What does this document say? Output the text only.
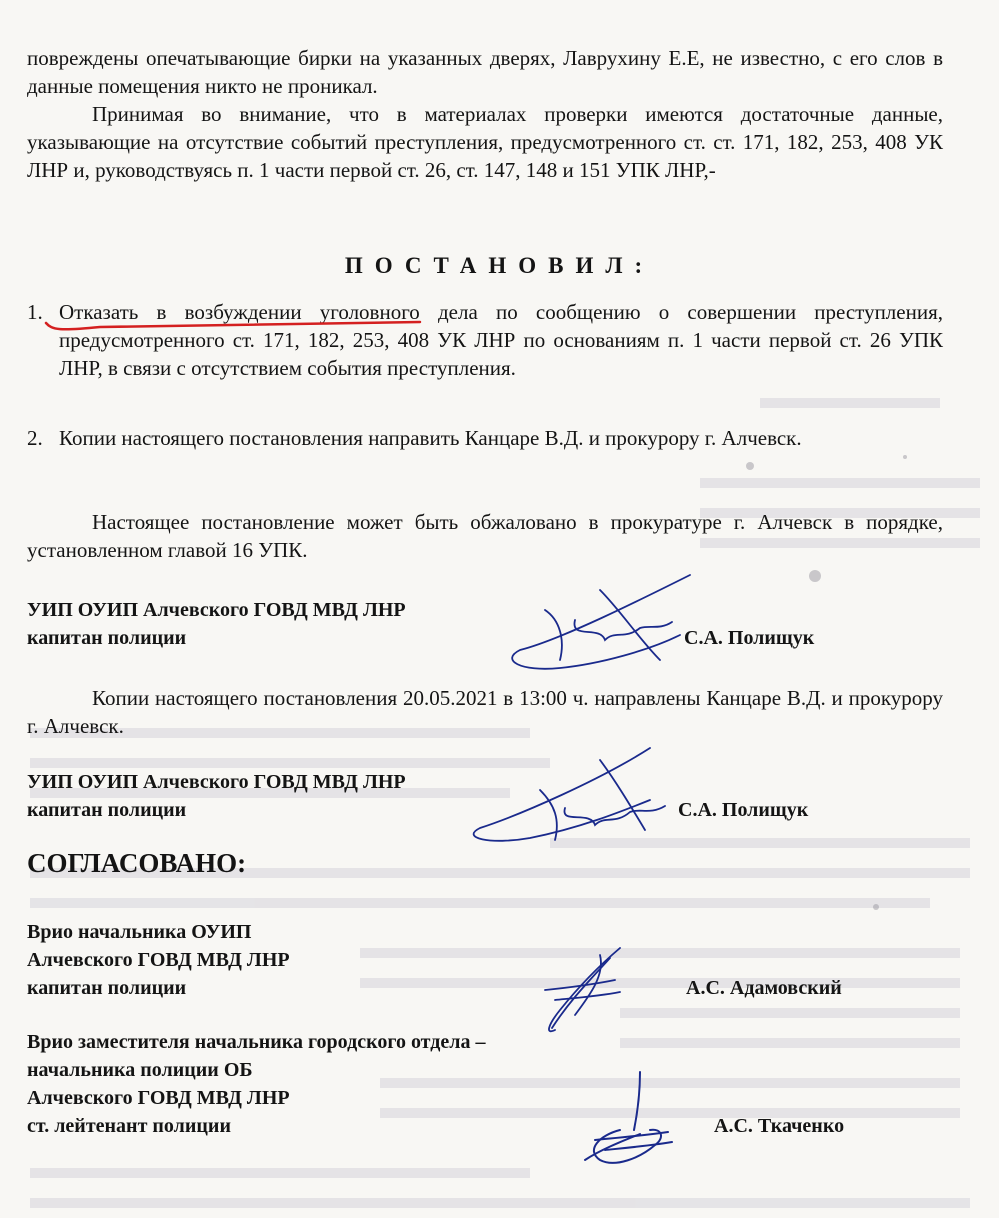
повреждены опечатывающие бирки на указанных дверях, Лаврухину Е.Е, не известно, с его слов в данные помещения никто не проникал.

Принимая во внимание, что в материалах проверки имеются достаточные данные, указывающие на отсутствие событий преступления, предусмотренного ст. ст. 171, 182, 253, 408 УК ЛНР и, руководствуясь п. 1 части первой ст. 26, ст. 147, 148 и 151 УПК ЛНР,-

ПОСТАНОВИЛ:

1. Отказать в возбуждении уголовного дела по сообщению о совершении преступления, предусмотренного ст. 171, 182, 253, 408 УК ЛНР по основаниям п. 1 части первой ст. 26 УПК ЛНР, в связи с отсутствием события преступления.
2. Копии настоящего постановления направить Канцаре В.Д. и прокурору г. Алчевск.

Настоящее постановление может быть обжаловано в прокуратуре г. Алчевск в порядке, установленном главой 16 УПК.

УИП ОУИП Алчевского ГОВД МВД ЛНР
капитан полиции	С.А. Полищук

Копии настоящего постановления 20.05.2021 в 13:00 ч. направлены Канцаре В.Д. и прокурору г. Алчевск.

УИП ОУИП Алчевского ГОВД МВД ЛНР
капитан полиции	С.А. Полищук

СОГЛАСОВАНО:

Врио начальника ОУИП
Алчевского ГОВД МВД ЛНР
капитан полиции	А.С. Адамовский
Врио заместителя начальника городского отдела –
начальника полиции ОБ
Алчевского ГОВД МВД ЛНР
ст. лейтенант полиции	А.С. Ткаченко
